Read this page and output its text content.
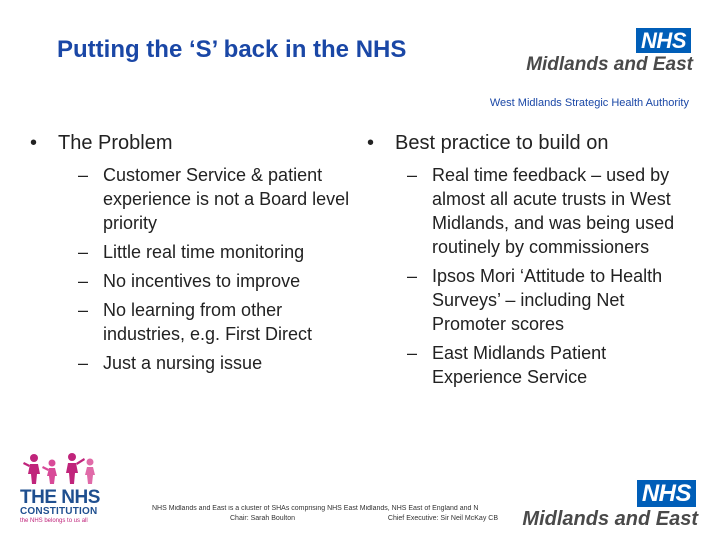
Putting the ‘S’ back in the NHS	NHS
Midlands and East
West Midlands Strategic Health Authority
•	The Problem
– Customer Service & patient experience is not a Board level priority
– Little real time monitoring
– No incentives to improve
– No learning from other industries, e.g. First Direct
– Just a nursing issue
•	Best practice to build on
– Real time feedback – used by almost all acute trusts in West Midlands, and was being used routinely by commissioners
– Ipsos Mori ‘Attitude to Health Surveys’ – including Net Promoter scores
– East Midlands Patient Experience Service
THE NHS
CONSTITUTION
the NHS belongs to us all
NHS Midlands and East is a cluster of SHAs comprising NHS East Midlands, NHS East of England and N
Chair: Sarah Boulton	Chief Executive: Sir Neil McKay CB
NHS
Midlands and East
